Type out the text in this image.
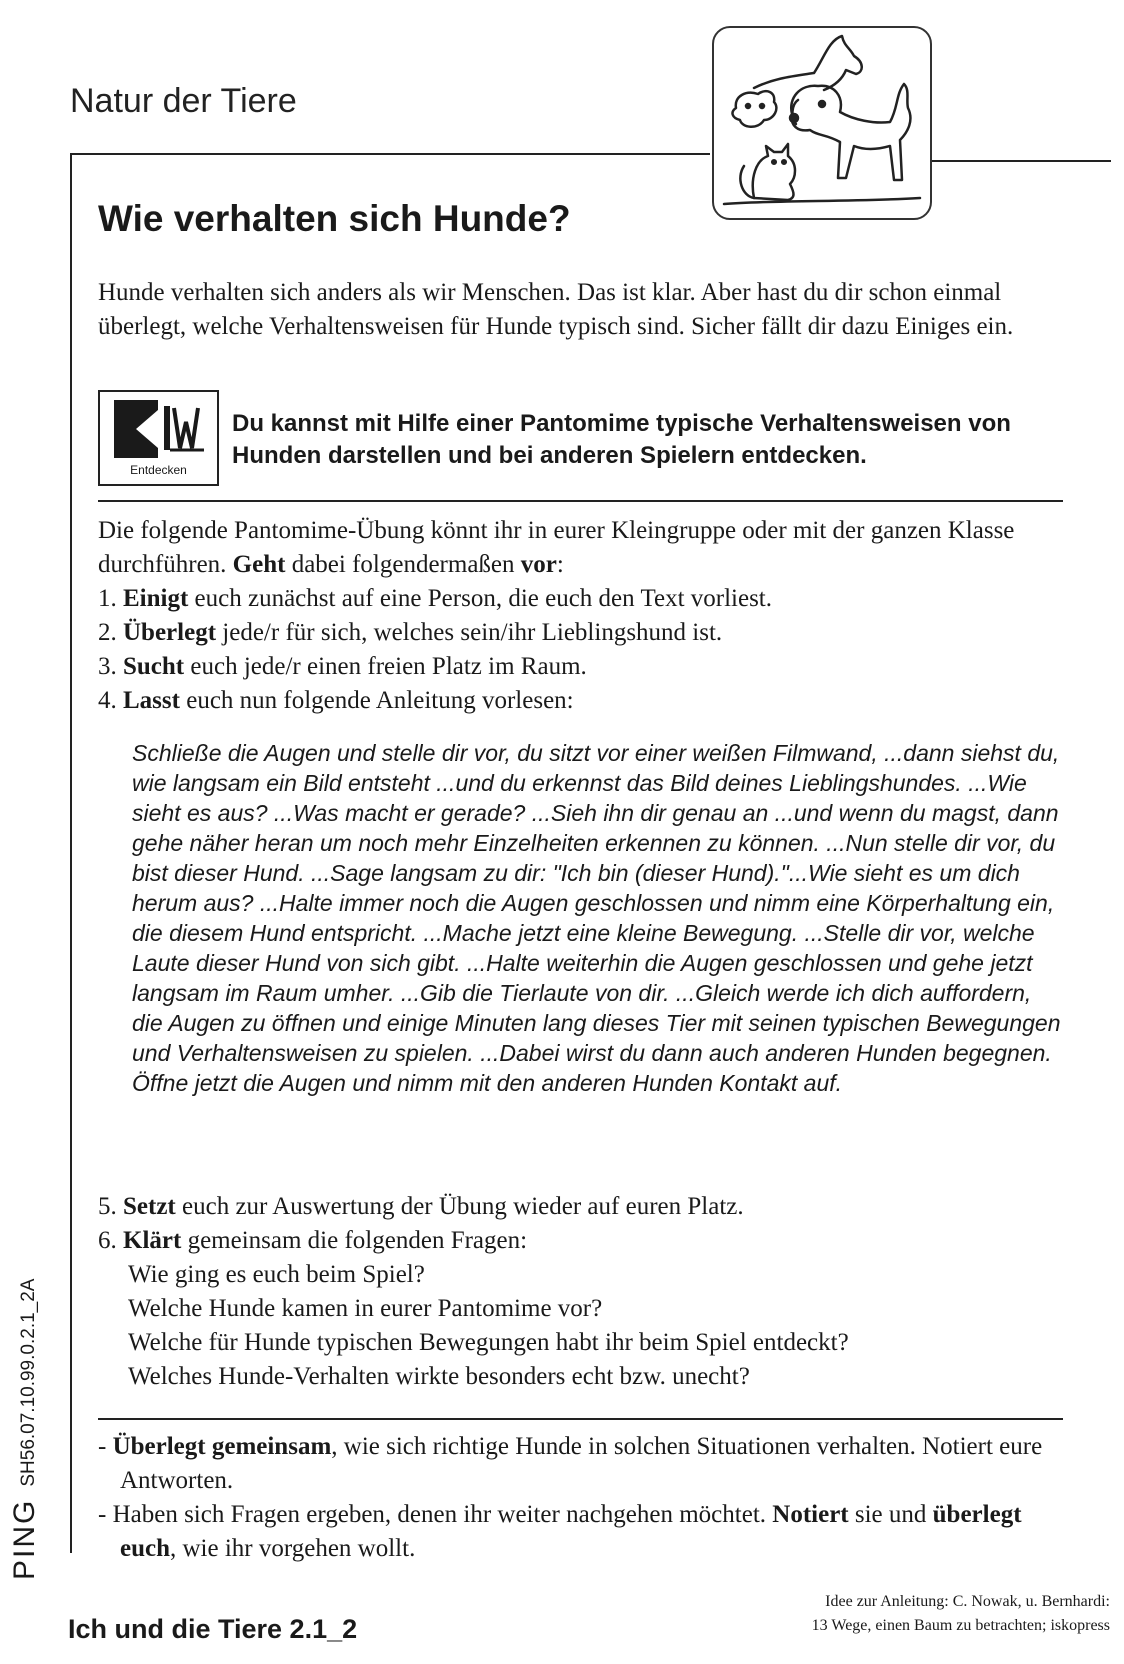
Natur der Tiere
Wie verhalten sich Hunde?
Hunde verhalten sich anders als wir Menschen. Das ist klar. Aber hast du dir schon einmal überlegt, welche Verhaltensweisen für Hunde typisch sind. Sicher fällt dir dazu Einiges ein.
Entdecken
Du kannst mit Hilfe einer Pantomime typische Verhaltensweisen von Hunden darstellen und bei anderen Spielern entdecken.

Die folgende Pantomime-Übung könnt ihr in eurer Kleingruppe oder mit der ganzen Klasse durchführen. Geht dabei folgendermaßen vor:

1. Einigt euch zunächst auf eine Person, die euch den Text vorliest.

2. Überlegt jede/r für sich, welches sein/ihr Lieblingshund ist.

3. Sucht euch jede/r einen freien Platz im Raum.

4. Lasst euch nun folgende Anleitung vorlesen:

Schließe die Augen und stelle dir vor, du sitzt vor einer weißen Filmwand, ...dann siehst du, wie langsam ein Bild entsteht ...und du erkennst das Bild deines Lieblingshundes. ...Wie sieht es aus? ...Was macht er gerade? ...Sieh ihn dir genau an ...und wenn du magst, dann gehe näher heran um noch mehr Einzelheiten erkennen zu können. ...Nun stelle dir vor, du bist dieser Hund. ...Sage langsam zu dir: "Ich bin (dieser Hund)."...Wie sieht es um dich herum aus? ...Halte immer noch die Augen geschlossen und nimm eine Körperhaltung ein, die diesem Hund entspricht. ...Mache jetzt eine kleine Bewegung. ...Stelle dir vor, welche Laute dieser Hund von sich gibt. ...Halte weiterhin die Augen geschlossen und gehe jetzt langsam im Raum umher. ...Gib die Tierlaute von dir. ...Gleich werde ich dich auffordern, die Augen zu öffnen und einige Minuten lang dieses Tier mit seinen typischen Bewegungen und Verhaltensweisen zu spielen. ...Dabei wirst du dann auch anderen Hunden begegnen.
Öffne jetzt die Augen und nimm mit den anderen Hunden Kontakt auf.

5. Setzt euch zur Auswertung der Übung wieder auf euren Platz.

6. Klärt gemeinsam die folgenden Fragen:

Wie ging es euch beim Spiel?

Welche Hunde kamen in eurer Pantomime vor?

Welche für Hunde typischen Bewegungen habt ihr beim Spiel entdeckt?

Welches Hunde-Verhalten wirkte besonders echt bzw. unecht?

- Überlegt gemeinsam, wie sich richtige Hunde in solchen Situationen verhalten. Notiert eure Antworten.

- Haben sich Fragen ergeben, denen ihr weiter nachgehen möchtet. Notiert sie und überlegt euch, wie ihr vorgehen wollt.

PINGSH56.07.10.99.0.2.1_2A
Ich und die Tiere 2.1_2
Idee zur Anleitung: C. Nowak, u. Bernhardi:
13 Wege, einen Baum zu betrachten; iskopress
